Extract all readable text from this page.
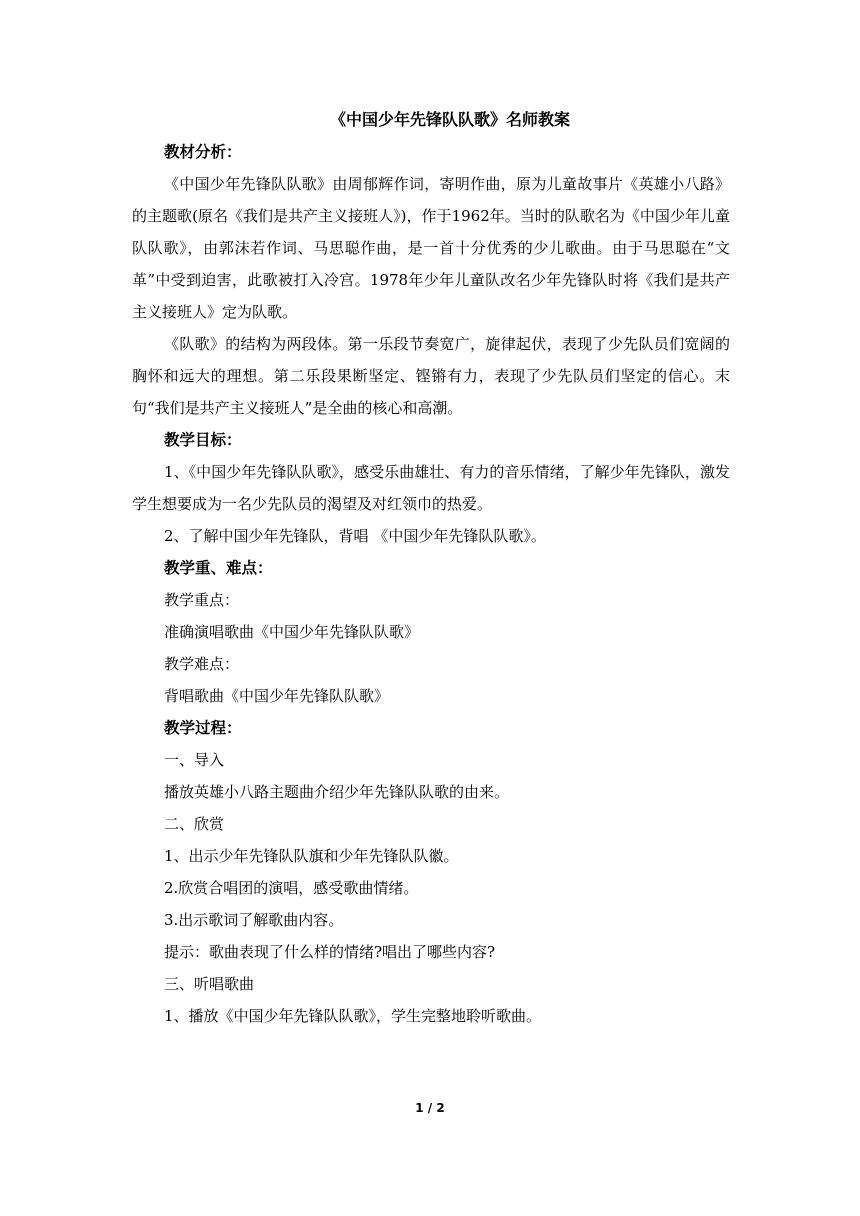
《中国少年先锋队队歌》名师教案

教材分析：

《中国少年先锋队队歌》由周郁辉作词，寄明作曲，原为儿童故事片《英雄小八路》的主题歌(原名《我们是共产主义接班人》)，作于1962年。当时的队歌名为《中国少年儿童队队歌》，由郭沫若作词、马思聪作曲，是一首十分优秀的少儿歌曲。由于马思聪在“文革”中受到迫害，此歌被打入冷宫。1978年少年儿童队改名少年先锋队时将《我们是共产主义接班人》定为队歌。

《队歌》的结构为两段体。第一乐段节奏宽广，旋律起伏，表现了少先队员们宽阔的胸怀和远大的理想。第二乐段果断坚定、铿锵有力，表现了少先队员们坚定的信心。末句“我们是共产主义接班人”是全曲的核心和高潮。

教学目标：

1、《中国少年先锋队队歌》，感受乐曲雄壮、有力的音乐情绪，了解少年先锋队，激发学生想要成为一名少先队员的渴望及对红领巾的热爱。

2、了解中国少年先锋队，背唱 《中国少年先锋队队歌》。

教学重、难点：

教学重点：

准确演唱歌曲《中国少年先锋队队歌》

教学难点：

背唱歌曲《中国少年先锋队队歌》

教学过程：

一、导入

播放英雄小八路主题曲介绍少年先锋队队歌的由来。

二、欣赏

1、出示少年先锋队队旗和少年先锋队队徽。

2.欣赏合唱团的演唱，感受歌曲情绪。

3.出示歌词了解歌曲内容。

提示：歌曲表现了什么样的情绪?唱出了哪些内容?

三、听唱歌曲

1、播放《中国少年先锋队队歌》，学生完整地聆听歌曲。

1 / 2
